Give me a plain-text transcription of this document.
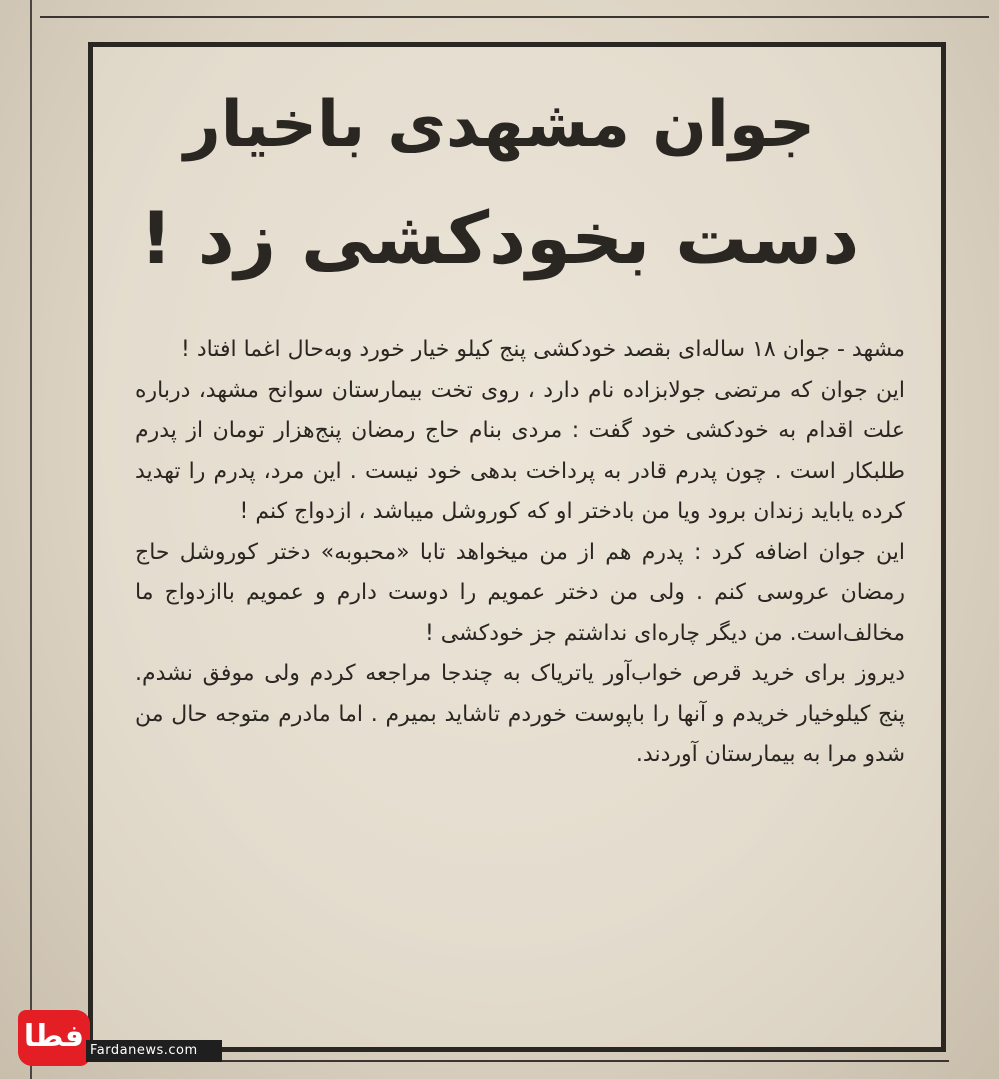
جوان مشهدی باخیار
دست بخودکشی زد !

مشهد - جوان ۱۸ ساله‌ای بقصد خودکشی پنج کیلو خیار خورد وبه‌حال اغما افتاد !

این جوان که مرتضی جولابزاده نام دارد ، روی تخت بیمارستان سوانح مشهد، درباره علت اقدام به خودکشی خود گفت : مردی بنام حاج رمضان پنج‌هزار تومان از پدرم طلبکار است . چون پدرم قادر به پرداخت بدهی خود نیست . این مرد، پدرم را تهدید کرده یاباید زندان برود ویا من بادختر او که کوروشل میباشد ، ازدواج کنم !

این جوان اضافه کرد : پدرم هم از من میخواهد تابا «محبوبه» دختر کوروشل حاج رمضان عروسی کنم . ولی من دختر عمویم را دوست دارم و عمویم باازدواج ما مخالف‌است. من دیگر چاره‌ای نداشتم جز خودکشی !

دیروز برای خرید قرص خواب‌آور یاتریاک به چندجا مراجعه کردم ولی موفق نشدم. پنج کیلوخیار خریدم و آنها را باپوست خوردم تاشاید بمیرم . اما مادرم متوجه حال من شدو مرا به بیمارستان آوردند.

فطا Fardanews.com
